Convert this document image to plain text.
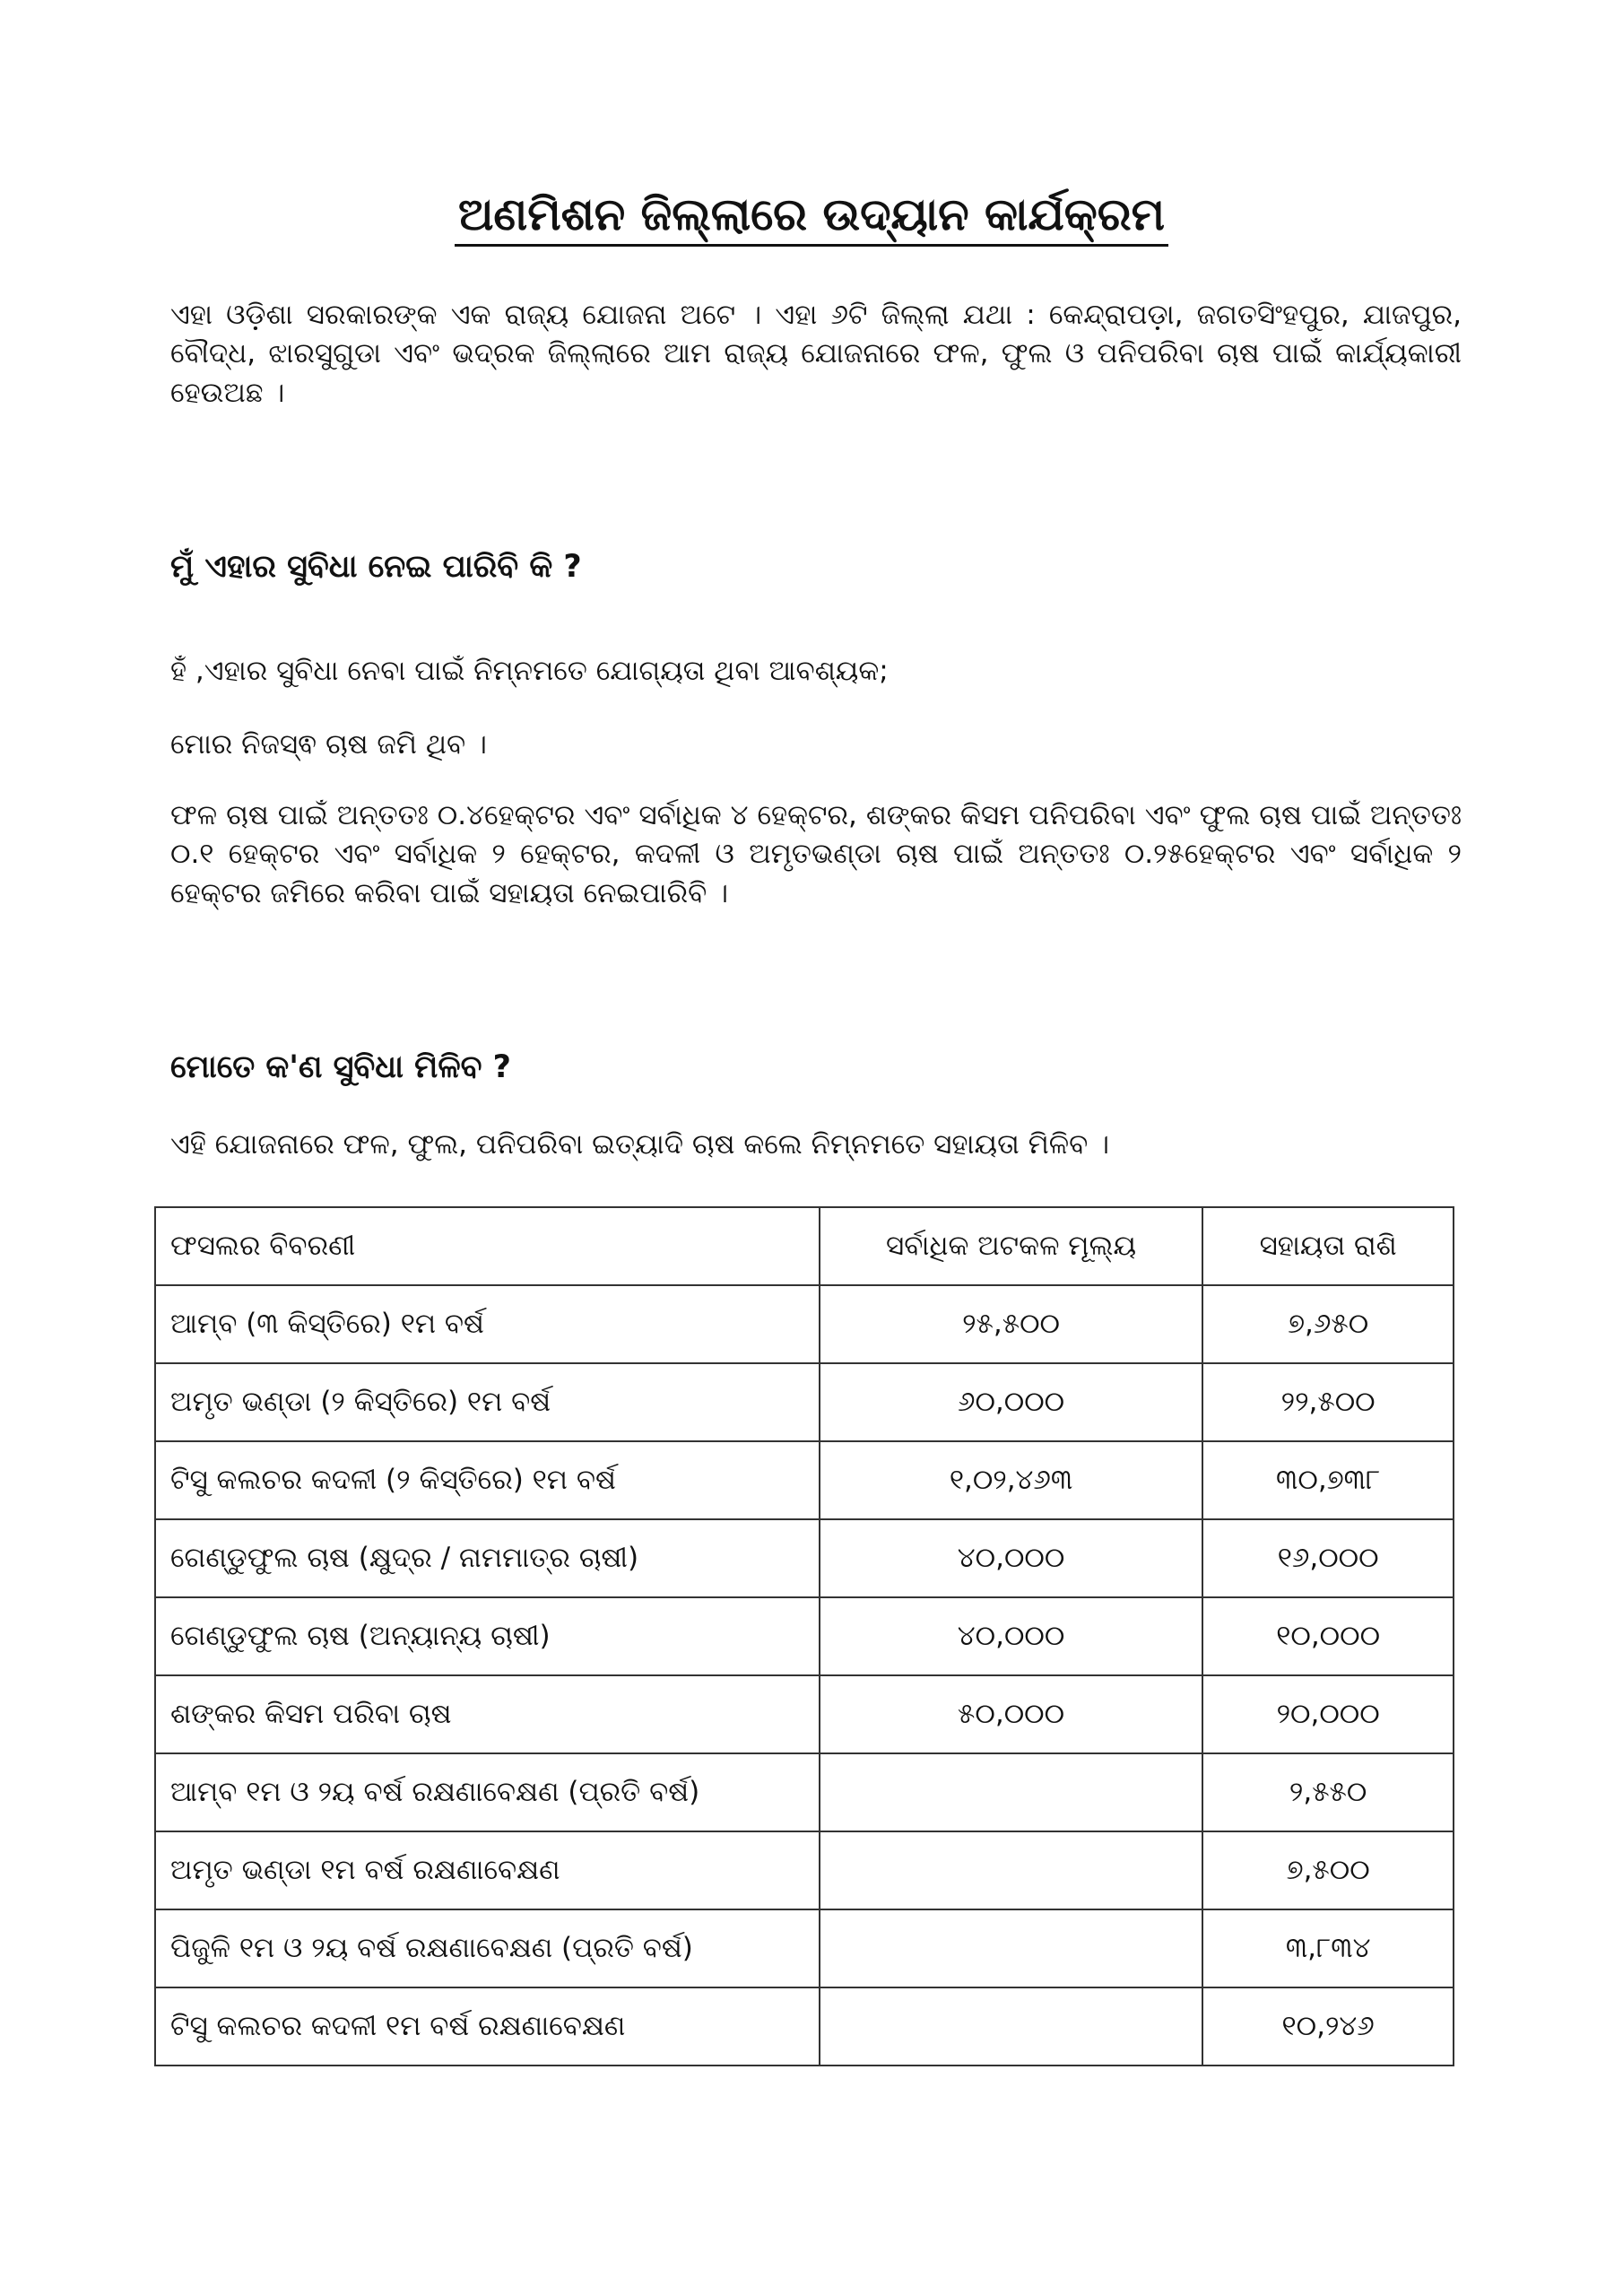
ଅଣମିଶନ ଜିଲ୍ଲାରେ ଉଦ୍ୟାନ କାର୍ଯକ୍ରମ
ଏହା ଓଡ଼ିଶା ସରକାରଙ୍କ ଏକ ରାଜ୍ୟ ଯୋଜନା ଅଟେ । ଏହା ୬ଟି ଜିଲ୍ଲା ଯଥା : କେନ୍ଦ୍ରାପଡ଼ା, ଜଗତସିଂହପୁର, ଯାଜପୁର, ବୌଦ୍ଧ, ଝାରସୁଗୁଡା ଏବଂ ଭଦ୍ରକ ଜିଲ୍ଲାରେ ଆମ ରାଜ୍ୟ ଯୋଜନାରେ ଫଳ, ଫୁଲ ଓ ପନିପରିବା ଚାଷ ପାଇଁ କାର୍ଯ୍ୟକାରୀ ହେଉଅଛ ।
ମୁଁ ଏହାର ସୁବିଧା ନେଇ ପାରିବି କି ?
ହଁ ,ଏହାର ସୁବିଧା ନେବା ପାଇଁ ନିମ୍ନମତେ ଯୋଗ୍ୟତା ଥିବା ଆବଶ୍ୟକ;
ମୋର ନିଜସ୍ଵ ଚାଷ ଜମି ଥିବ ।
ଫଳ ଚାଷ ପାଇଁ ଅନ୍ତତଃ ୦.୪ହେକ୍ଟର ଏବଂ ସର୍ବାଧିକ ୪ ହେକ୍ଟର, ଶଙ୍କର କିସମ ପନିପରିବା ଏବଂ ଫୁଲ ଚାଷ ପାଇଁ ଅନ୍ତତଃ ୦.୧ ହେକ୍ଟର ଏବଂ ସର୍ବାଧିକ ୨ ହେକ୍ଟର, କଦଳୀ ଓ ଅମୃତଭଣ୍ଡା ଚାଷ ପାଇଁ ଅନ୍ତତଃ ୦.୨୫ହେକ୍ଟର ଏବଂ ସର୍ବାଧିକ ୨ ହେକ୍ଟର ଜମିରେ କରିବା ପାଇଁ ସହାୟତା ନେଇପାରିବି ।
ମୋତେ କ'ଣ ସୁବିଧା ମିଳିବ ?
ଏହି ଯୋଜନାରେ ଫଳ, ଫୁଲ, ପନିପରିବା ଇତ୍ୟାଦି ଚାଷ କଲେ ନିମ୍ନମତେ ସହାୟତା ମିଳିବ ।
ଫସଲର ବିବରଣୀ	ସର୍ବାଧିକ ଅଟକଳ ମୂଲ୍ୟ	ସହାୟତା ରାଶି
ଆମ୍ବ (୩ କିସ୍ତିରେ) ୧ମ ବର୍ଷ	୨୫,୫୦୦	୭,୬୫୦
ଅମୃତ ଭଣ୍ଡା (୨ କିସ୍ତିରେ) ୧ମ ବର୍ଷ	୬୦,୦୦୦	୨୨,୫୦୦
ଟିସୁ କଲଚର କଦଳୀ (୨ କିସ୍ତିରେ) ୧ମ ବର୍ଷ	୧,୦୨,୪୬୩	୩୦,୭୩୮
ଗେଣ୍ଡୁଫୁଲ ଚାଷ (କ୍ଷୁଦ୍ର / ନାମମାତ୍ର ଚାଷୀ)	୪୦,୦୦୦	୧୬,୦୦୦
ଗେଣ୍ଡୁଫୁଲ ଚାଷ (ଅନ୍ୟାନ୍ୟ ଚାଷୀ)	୪୦,୦୦୦	୧୦,୦୦୦
ଶଙ୍କର କିସମ ପରିବା ଚାଷ	୫୦,୦୦୦	୨୦,୦୦୦
ଆମ୍ବ ୧ମ ଓ ୨ୟ ବର୍ଷ ରକ୍ଷଣାବେକ୍ଷଣ (ପ୍ରତି ବର୍ଷ)		୨,୫୫୦
ଅମୃତ ଭଣ୍ଡା ୧ମ ବର୍ଷ ରକ୍ଷଣାବେକ୍ଷଣ		୭,୫୦୦
ପିଜୁଳି ୧ମ ଓ ୨ୟ ବର୍ଷ ରକ୍ଷଣାବେକ୍ଷଣ (ପ୍ରତି ବର୍ଷ)		୩,୮୩୪
ଟିସୁ କଲଚର କଦଳୀ ୧ମ ବର୍ଷ ରକ୍ଷଣାବେକ୍ଷଣ		୧୦,୨୪୬
